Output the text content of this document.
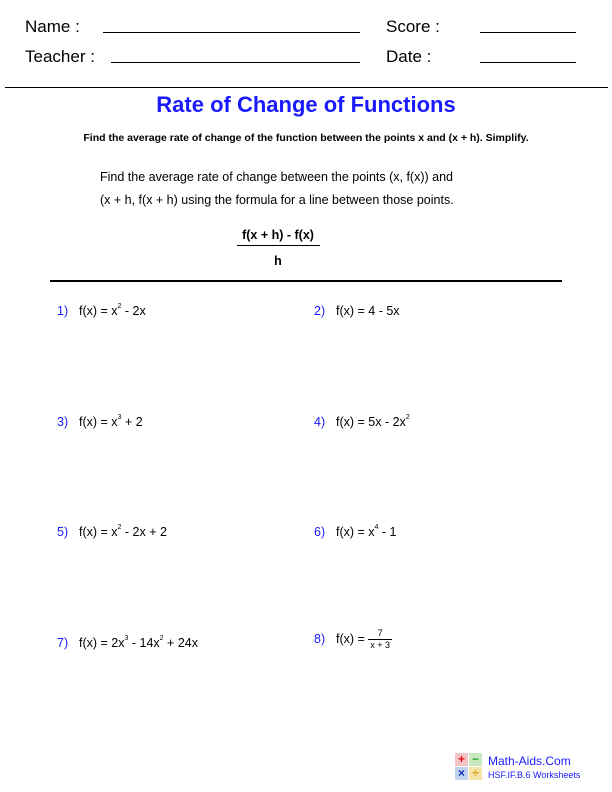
Name :	Score :
Teacher :	Date :
Rate of Change of Functions
Find the average rate of change of the function between the points x and (x + h). Simplify.
Find the average rate of change between the points (x, f(x)) and
(x + h, f(x + h) using the formula for a line between those points.
f(x + h) - f(x)
h
1) $f(x) = x^2 - 2x$	2) f(x) = 4 - 5x
3) $f(x) = x^3 + 2$	4) $f(x) = 5x - 2x^2$
5) $f(x) = x^2 - 2x + 2$	6) $f(x) = x^4 - 1$
7) $f(x) = 2x^3 - 14x^2 + 24x$	8) $f(x) = \frac{7}{x + 3}$
+ −
× ÷
Math-Aids.Com
HSF.IF.B.6 Worksheets
